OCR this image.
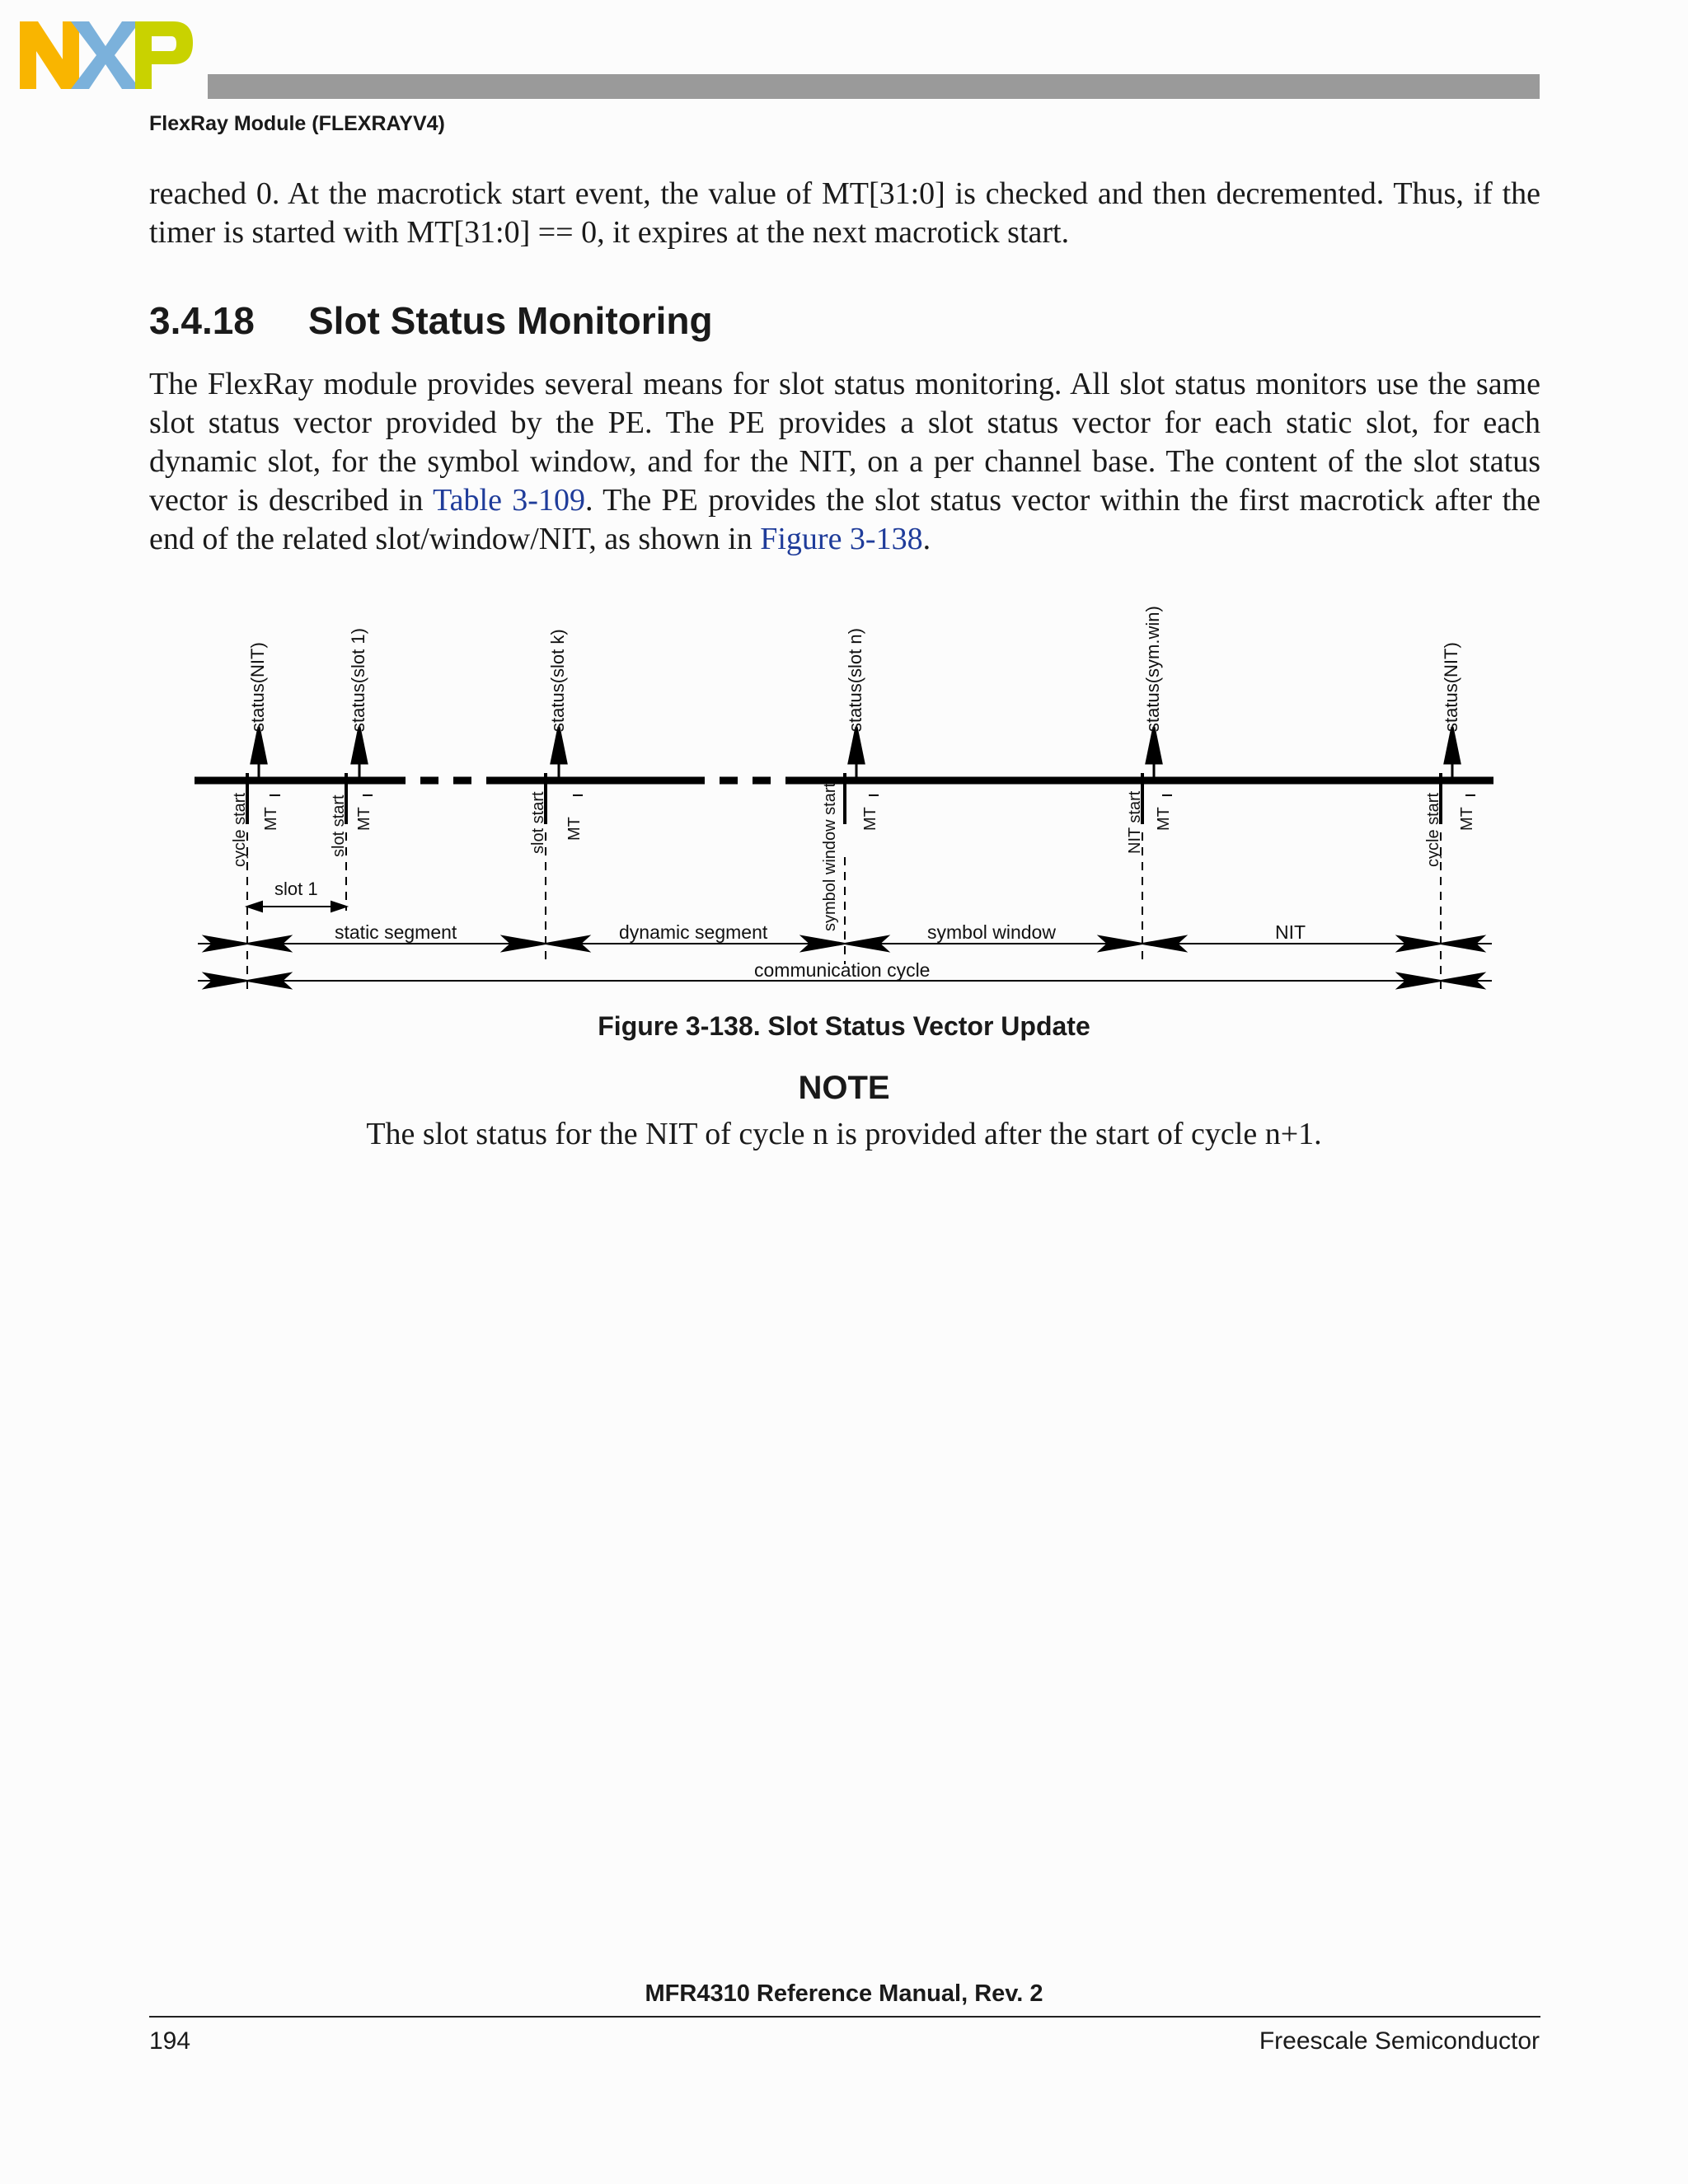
FlexRay Module (FLEXRAYV4)

reached 0. At the macrotick start event, the value of MT[31:0] is checked and then decremented. Thus, if the timer is started with MT[31:0] == 0, it expires at the next macrotick start.

3.4.18 Slot Status Monitoring

The FlexRay module provides several means for slot status monitoring. All slot status monitors use the same slot status vector provided by the PE. The PE provides a slot status vector for each static slot, for each dynamic slot, for the symbol window, and for the NIT, on a per channel base. The content of the slot status vector is described in Table 3-109. The PE provides the slot status vector within the first macrotick after the end of the related slot/window/NIT, as shown in Figure 3-138.

status(NIT)	status(slot 1)	status(slot k)	status(slot n)	status(sym.win)	status(NIT)
cycle start	slot start	slot start	symbol window start	NIT start	cycle start
MT	MT	MT	MT	MT	MT
slot 1
static segment	dynamic segment	symbol window	NIT
communication cycle
Figure 3-138. Slot Status Vector Update
NOTE
The slot status for the NIT of cycle n is provided after the start of cycle n+1.
MFR4310 Reference Manual, Rev. 2
194	Freescale Semiconductor
